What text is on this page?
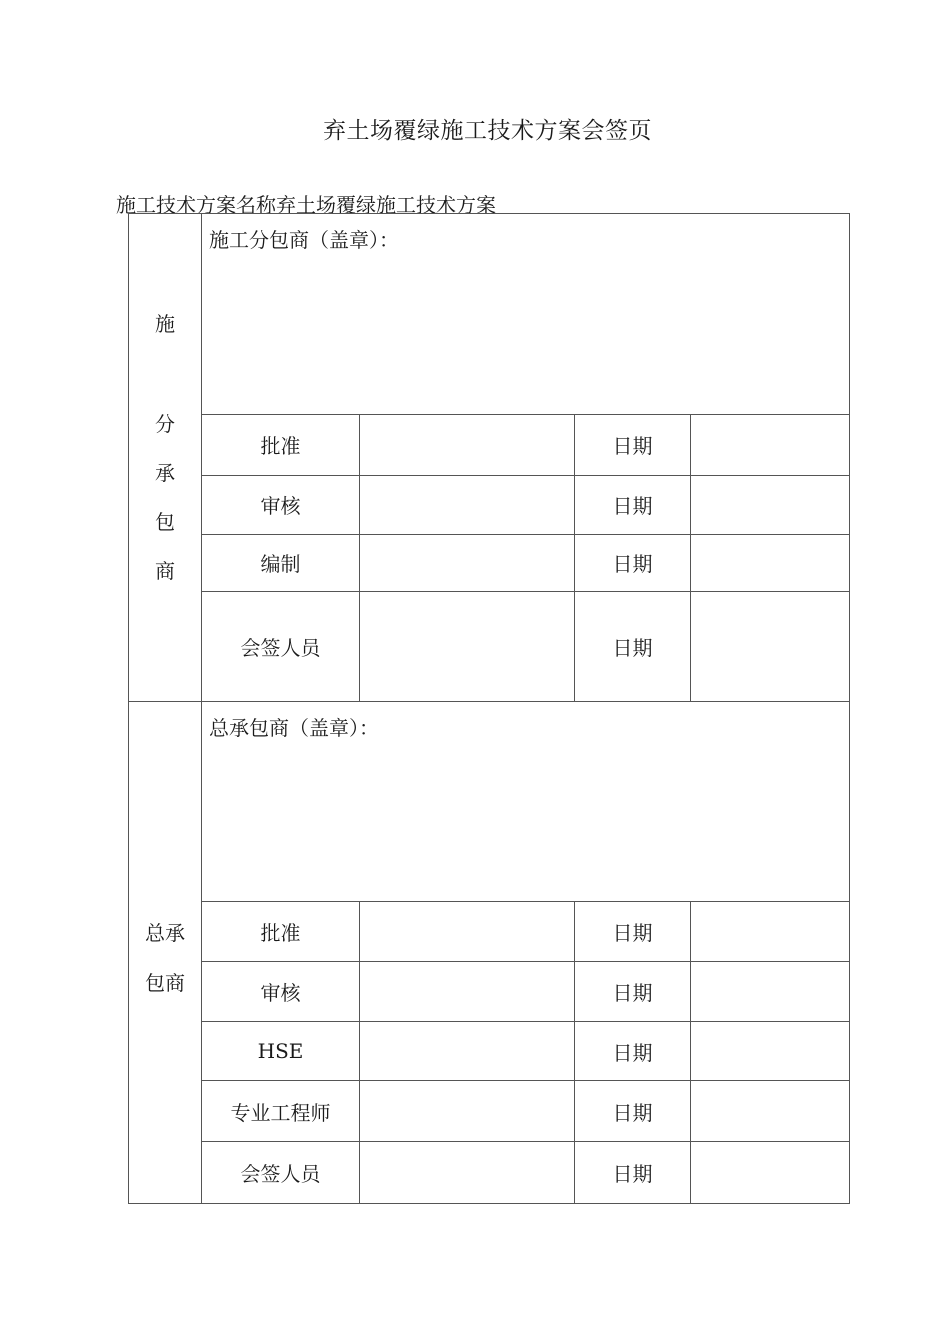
弃土场覆绿施工技术方案会签页
施工技术方案名称弃土场覆绿施工技术方案
施
分
承
包
商	施工分包商（盖章）：			
	批准		日期	
	审核		日期	
	编制		日期	
	会签人员		日期	

总承
包商	总承包商（盖章）：			
	批准		日期	
	审核		日期	
	HSE		日期	
	专业工程师		日期	
	会签人员		日期	
